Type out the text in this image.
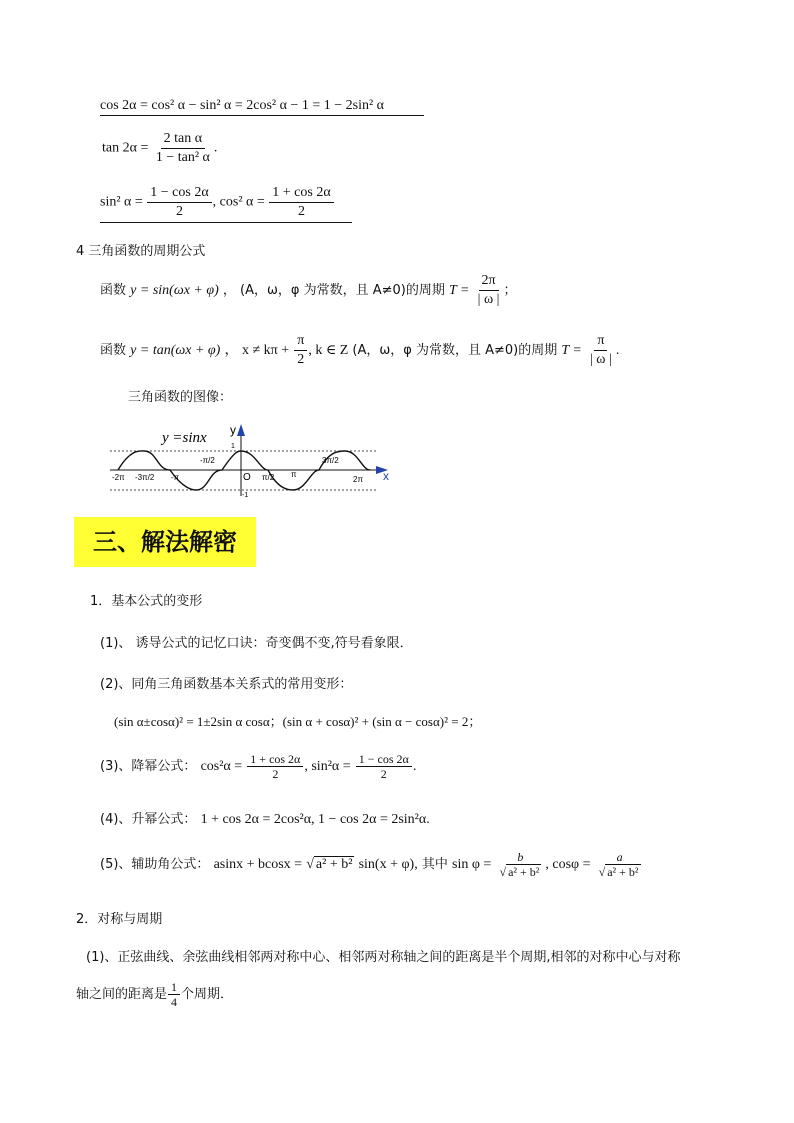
cos 2α = cos² α − sin² α = 2cos² α − 1 = 1 − 2sin² α
$\tan 2\alpha = \frac{\text{2 tan α}}{\text{1 − tan² α}}$ .
sin² $\alpha = \frac{1 - \cos 2\alpha}{2}$ , cos² $\alpha = \frac{1 + \cos 2\alpha}{2}$
4 三角函数的周期公式
函数 y = sin(ωx + φ) ， (A，ω，φ 为常数，且 A≠0)的周期 $T = \frac{2\pi}{| \omega |}$ ；
函数 y = tan(ωx + φ) ， $x \ne k\pi + \frac{\pi}{2}$ , k ∈ Z (A，ω，φ 为常数，且 A≠0)的周期 $T = \frac{\pi}{| \omega |}$ .
三角函数的图像：
y =sinx y
x
O
1
-1
-π/2	3π/2
-2π -3π/2 -π	π/2 π
2π
三、解法解密
1．基本公式的变形
(1)、 诱导公式的记忆口诀：奇变偶不变,符号看象限．
(2)、同角三角函数基本关系式的常用变形：
(sin α±cosα)² = 1±2sin α cosα；(sin α + cosα)² + (sin α − cosα)² = 2；
(3)、降幂公式： $\cos^2\alpha = \frac{1 + \cos 2\alpha}{2}$ , $\sin^2\alpha = \frac{1 - \cos 2\alpha}{2}$ .
(4)、升幂公式： 1 + cos 2α = 2cos²α, 1 − cos 2α = 2sin²α.
(5)、辅助角公式： asinx + bcosx = √ a² + b² sin(x + φ), 其中 $\sin \varphi = \frac{b}{\text{√ a² + b²}}$ , $\cos\varphi = \frac{a}{\text{√ a² + b²}}$
2．对称与周期
(1)、正弦曲线、余弦曲线相邻两对称中心、相邻两对称轴之间的距离是半个周期,相邻的对称中心与对称
轴之间的距离是 $\frac{1}{4}$ 个周期．
